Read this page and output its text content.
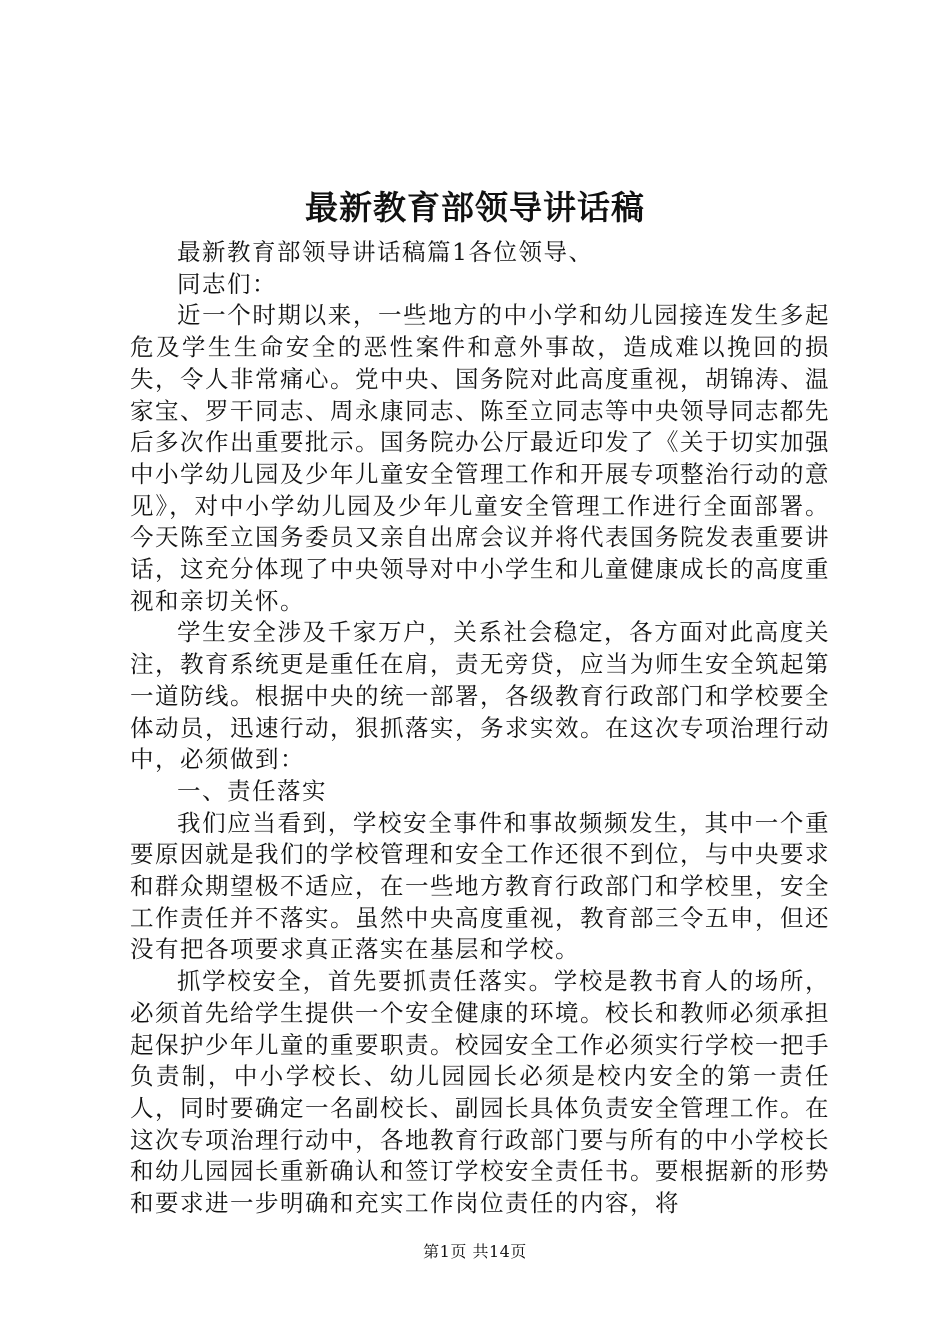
最新教育部领导讲话稿

最新教育部领导讲话稿篇1各位领导、

同志们：

近一个时期以来，一些地方的中小学和幼儿园接连发生多起危及学生生命安全的恶性案件和意外事故，造成难以挽回的损失，令人非常痛心。党中央、国务院对此高度重视，胡锦涛、温家宝、罗干同志、周永康同志、陈至立同志等中央领导同志都先后多次作出重要批示。国务院办公厅最近印发了《关于切实加强中小学幼儿园及少年儿童安全管理工作和开展专项整治行动的意见》，对中小学幼儿园及少年儿童安全管理工作进行全面部署。今天陈至立国务委员又亲自出席会议并将代表国务院发表重要讲话，这充分体现了中央领导对中小学生和儿童健康成长的高度重视和亲切关怀。

学生安全涉及千家万户，关系社会稳定，各方面对此高度关注，教育系统更是重任在肩，责无旁贷，应当为师生安全筑起第一道防线。根据中央的统一部署，各级教育行政部门和学校要全体动员，迅速行动，狠抓落实，务求实效。在这次专项治理行动中，必须做到：

一、责任落实

我们应当看到，学校安全事件和事故频频发生，其中一个重要原因就是我们的学校管理和安全工作还很不到位，与中央要求和群众期望极不适应，在一些地方教育行政部门和学校里，安全工作责任并不落实。虽然中央高度重视，教育部三令五申，但还没有把各项要求真正落实在基层和学校。

抓学校安全，首先要抓责任落实。学校是教书育人的场所，必须首先给学生提供一个安全健康的环境。校长和教师必须承担起保护少年儿童的重要职责。校园安全工作必须实行学校一把手负责制，中小学校长、幼儿园园长必须是校内安全的第一责任人，同时要确定一名副校长、副园长具体负责安全管理工作。在这次专项治理行动中，各地教育行政部门要与所有的中小学校长和幼儿园园长重新确认和签订学校安全责任书。要根据新的形势和要求进一步明确和充实工作岗位责任的内容，将

第1页 共14页
